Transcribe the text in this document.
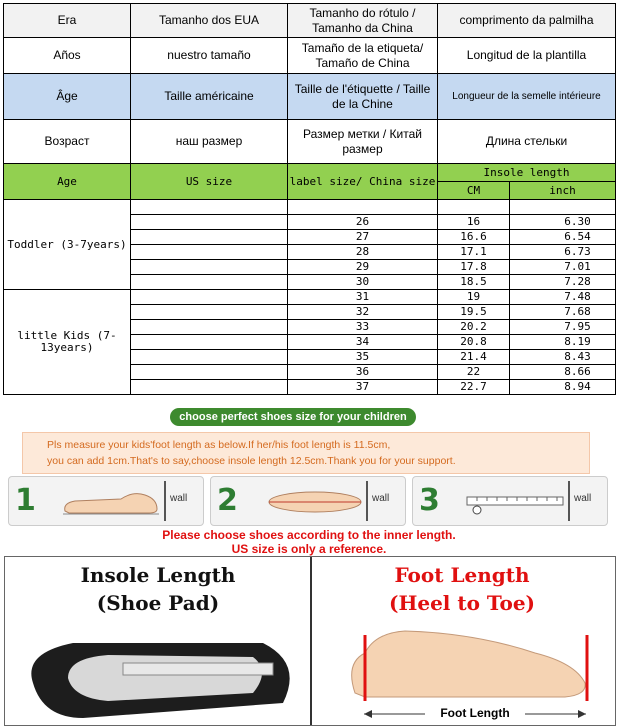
Era	Tamanho dos EUA	Tamanho do rótulo / Tamanho da China	comprimento da palmilha
Años	nuestro tamaño	Tamaño de la etiqueta/ Tamaño de China	Longitud de la plantilla
Âge	Taille américaine	Taille de l'étiquette / Taille de la Chine	Longueur de la semelle intérieure
Возраст	наш размер	Размер метки / Китай размер	Длина стельки
Age	US size	label size/ China size	Insole length	
			CM	inch
Toddler (3-7years)				
		26	16	6.30
		27	16.6	6.54
		28	17.1	6.73
		29	17.8	7.01
		30	18.5	7.28
little Kids (7-13years)		31	19	7.48
		32	19.5	7.68
		33	20.2	7.95
		34	20.8	8.19
		35	21.4	8.43
		36	22	8.66
		37	22.7	8.94
choose perfect shoes size for your children
Pls measure your kids'foot length as below.If her/his foot length is 11.5cm,
you can add 1cm.That's to say,choose insole length 12.5cm.Thank you for your support.
1	wall 2	wall 3	wall
Please choose shoes according to the inner length.
US size is only a reference.
Insole Length
(Shoe Pad)
Foot Length
(Heel to Toe)
Foot Length
